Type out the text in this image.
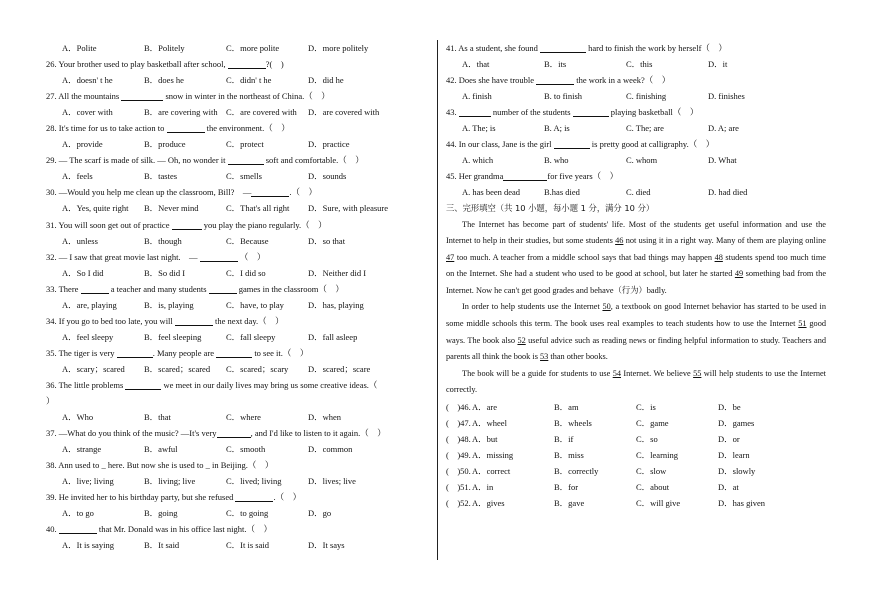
A．Polite	B．Politely	C．more polite	D．more politely
26. Your brother used to play basketball after school,	?(　)
A．doesn' t he	B．does he	C．didn' t he	D．did he
27. All the mountains	snow in winter in the northeast of China.（　）
A．cover with	B．are covering with C．are covered with	D．are covered with
28. It's time for us to take action to	the environment.（　）
A．provide	B．produce	C．protect	D．practice
29. — The scarf is made of silk. — Oh, no wonder it	soft and comfortable.（　）
A．feels	B．tastes	C．smells	D．sounds
30. —Would you help me clean up the classroom, Bill?　—	.（　）
A．Yes, quite right	B．Never mind	C．That's all right	D．Sure, with pleasure
31. You will soon get out of practice	you play the piano regularly.（　）
A．unless	B．though	C．Because	D．so that
32. — I saw that great movie last night.　—	（　）
A．So I did	B．So did I	C．I did so	D．Neither did I
33. There	a teacher and many students	games in the classroom（　）
A．are, playing	B．is, playing	C．have, to play	D．has, playing
34. If you go to bed too late, you will	the next day.（　）
A．feel sleepy	B．feel sleeping	C．fall sleepy	D．fall asleep
35. The tiger is very	. Many people are	to see it.（　）
A．scary；scared	B．scared；scared	C．scared；scary	D．scared；scare
36. The little problems	we meet in our daily lives may bring us some creative ideas.（
）
A．Who	B．that	C．where	D．when
37. —What do you think of the music? —It's very	, and I'd like to listen to it again.（　）
A．strange	B．awful	C．smooth	D．common
38. Ann used to _ here. But now she is used to _ in Beijing.（　）
A．live; living	B．living; live	C．lived; living	D．lives; live
39. He invited her to his birthday party, but she refused	.（　）
A．to go	B．going	C．to going	D．go
40.	that Mr. Donald was in his office last night.（　）
A．It is saying	B．It said	C．It is said	D．It says
41. As a student, she found	hard to finish the work by herself（　）
A．that	B．its	C．this	D．it
42. Does she have trouble	the work in a week?（　）
A. finish	B. to finish	C. finishing	D. finishes
43.	number of the students	playing basketball（　）
A. The; is	B. A; is	C. The; are	D. A; are
44. In our class, Jane is the girl	is pretty good at calligraphy.（　）
A. which	B. who	C. whom	D. What
45. Her grandma	for five years（　）
A. has been dead	B.has died	C. died	D. had died
三、完形填空（共 10 小题，每小题 1 分，满分 10 分）
The Internet has become part of students' life. Most of the students get useful information and use the Internet to help in their studies, but some students 46 not using it in a right way. Many of them are playing online 47 too much. A teacher from a middle school says that bad things may happen 48 students spend too much time on the Internet. She had a student who used to be good at school, but later he started 49 something bad from the Internet. Now he can't get good grades and behave（行为）badly.
In order to help students use the Internet 50, a textbook on good Internet behavior has started to be used in some middle schools this term. The book uses real examples to teach students how to use the Internet 51 good ways. The book also 52 useful advice such as reading news or finding helpful information to study. Teachers and parents all think the book is 53 than other books.
The book will be a guide for students to use 54 Internet. We believe 55 will help students to use the Internet correctly.
(　)46. A．are	B．am	C．is	D．be
(　)47. A．wheel	B．wheels	C．game	D．games
(　)48. A．but	B．if	C．so	D．or
(　)49. A．missing	B．miss	C．learning	D．learn
(　)50. A．correct	B．correctly	C．slow	D．slowly
(　)51. A．in	B．for	C．about	D．at
(　)52. A．gives	B．gave	C．will give	D．has given
